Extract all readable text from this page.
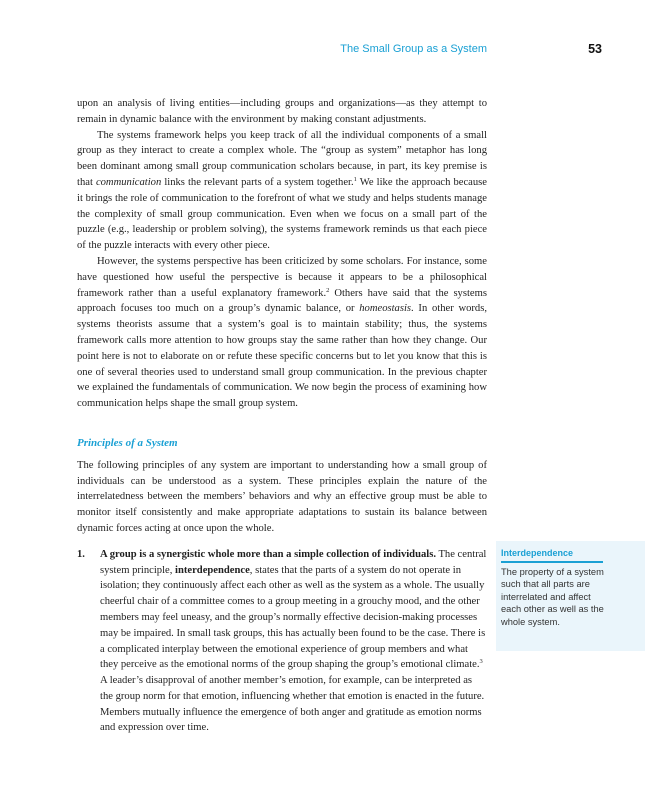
The Small Group as a System	53

upon an analysis of living entities—including groups and organizations—as they attempt to remain in dynamic balance with the environment by making constant adjustments.

The systems framework helps you keep track of all the individual components of a small group as they interact to create a complex whole. The “group as system” metaphor has long been dominant among small group communication scholars because, in part, its key premise is that communication links the relevant parts of a system together.$^1$ We like the approach because it brings the role of communication to the forefront of what we study and helps students manage the complexity of small group communication. Even when we focus on a small part of the puzzle (e.g., leadership or problem solving), the systems framework reminds us that each piece of the puzzle interacts with every other piece.

However, the systems perspective has been criticized by some scholars. For instance, some have questioned how useful the perspective is because it appears to be a philosophical framework rather than a useful explanatory framework.$^2$ Others have said that the systems approach focuses too much on a group’s dynamic balance, or homeostasis. In other words, systems theorists assume that a system’s goal is to maintain stability; thus, the systems framework calls more attention to how groups stay the same rather than how they change. Our point here is not to elaborate on or refute these specific concerns but to let you know that this is one of several theories used to understand small group communication. In the previous chapter we explained the fundamentals of communication. We now begin the process of examining how communication helps shape the small group system.

Principles of a System

The following principles of any system are important to understanding how a small group of individuals can be understood as a system. These principles explain the nature of the interrelatedness between the members’ behaviors and why an effective group must be able to monitor itself consistently and make appropriate adaptations to sustain its balance between dynamic forces acting at once upon the whole.

1. A group is a synergistic whole more than a simple collection of individuals. The central system principle, interdependence, states that the parts of a system do not operate in isolation; they continuously affect each other as well as the system as a whole. The usually cheerful chair of a committee comes to a group meeting in a grouchy mood, and the other members may feel uneasy, and the group’s normally effective decision-making processes may be impaired. In small task groups, this has actually been found to be the case. There is a complicated interplay between the emotional experience of group members and what they perceive as the emotional norms of the group shaping the group’s emotional climate.$^3$ A leader’s disapproval of another member’s emotion, for example, can be interpreted as the group norm for that emotion, influencing whether that emotion is enacted in the future. Members mutually influence the emergence of both anger and gratitude as emotion norms and expression over time.

Interdependence
The property of a system such that all parts are interrelated and affect each other as well as the whole system.
